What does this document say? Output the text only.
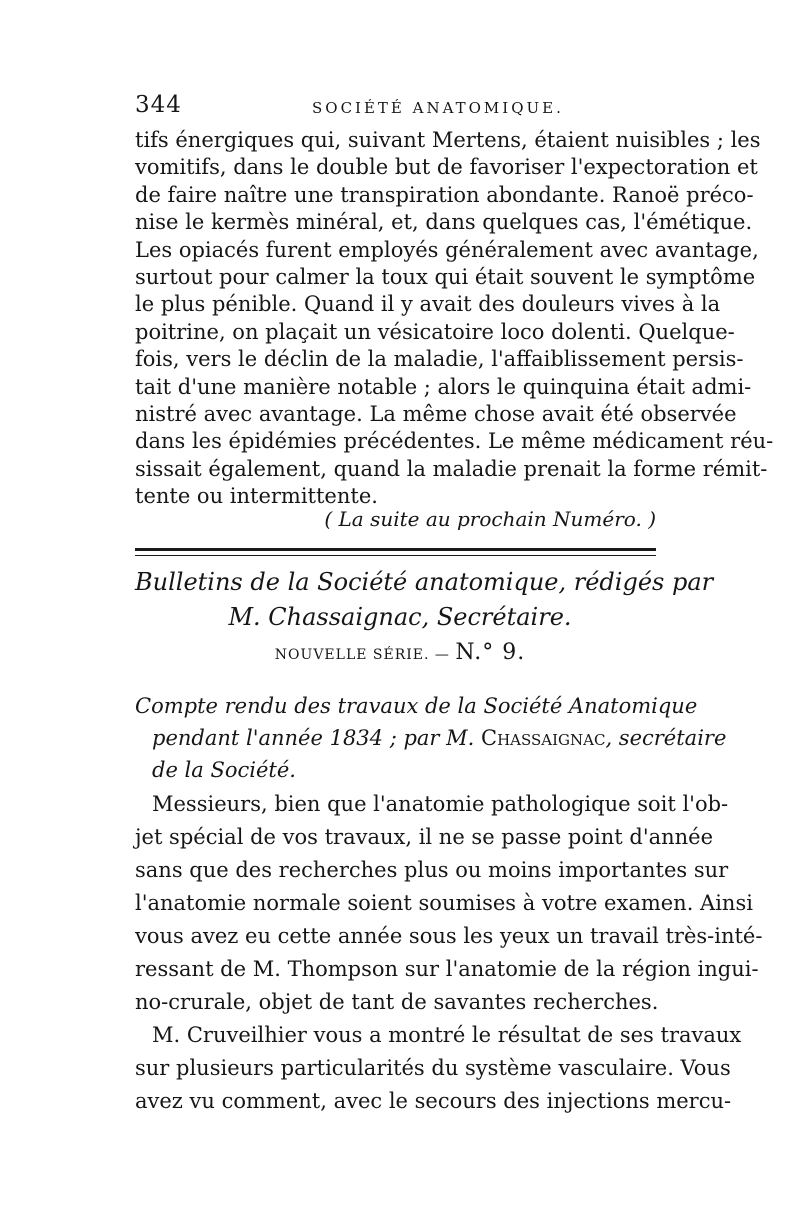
344	SOCIÉTÉ ANATOMIQUE.
tifs énergiques qui, suivant Mertens, étaient nuisibles ; les
vomitifs, dans le double but de favoriser l'expectoration et
de faire naître une transpiration abondante. Ranoë préco-
nise le kermès minéral, et, dans quelques cas, l'émétique.
Les opiacés furent employés généralement avec avantage,
surtout pour calmer la toux qui était souvent le symptôme
le plus pénible. Quand il y avait des douleurs vives à la
poitrine, on plaçait un vésicatoire loco dolenti. Quelque-
fois, vers le déclin de la maladie, l'affaiblissement persis-
tait d'une manière notable ; alors le quinquina était admi-
nistré avec avantage. La même chose avait été observée
dans les épidémies précédentes. Le même médicament réu-
sissait également, quand la maladie prenait la forme rémit-
tente ou intermittente.
Bulletins de la Société anatomique, rédigés par
M. Chassaignac, Secrétaire.
NOUVELLE SÉRIE. — N.° 9.
Compte rendu des travaux de la Société Anatomique
pendant l'année 1834 ; par M. Chassaignac, secrétaire
de la Société.
Messieurs, bien que l'anatomie pathologique soit l'ob-
jet spécial de vos travaux, il ne se passe point d'année
sans que des recherches plus ou moins importantes sur
l'anatomie normale soient soumises à votre examen. Ainsi
vous avez eu cette année sous les yeux un travail très-inté-
ressant de M. Thompson sur l'anatomie de la région ingui-
no-crurale, objet de tant de savantes recherches.
M. Cruveilhier vous a montré le résultat de ses travaux
sur plusieurs particularités du système vasculaire. Vous
avez vu comment, avec le secours des injections mercu-
( La suite au prochain Numéro. )
